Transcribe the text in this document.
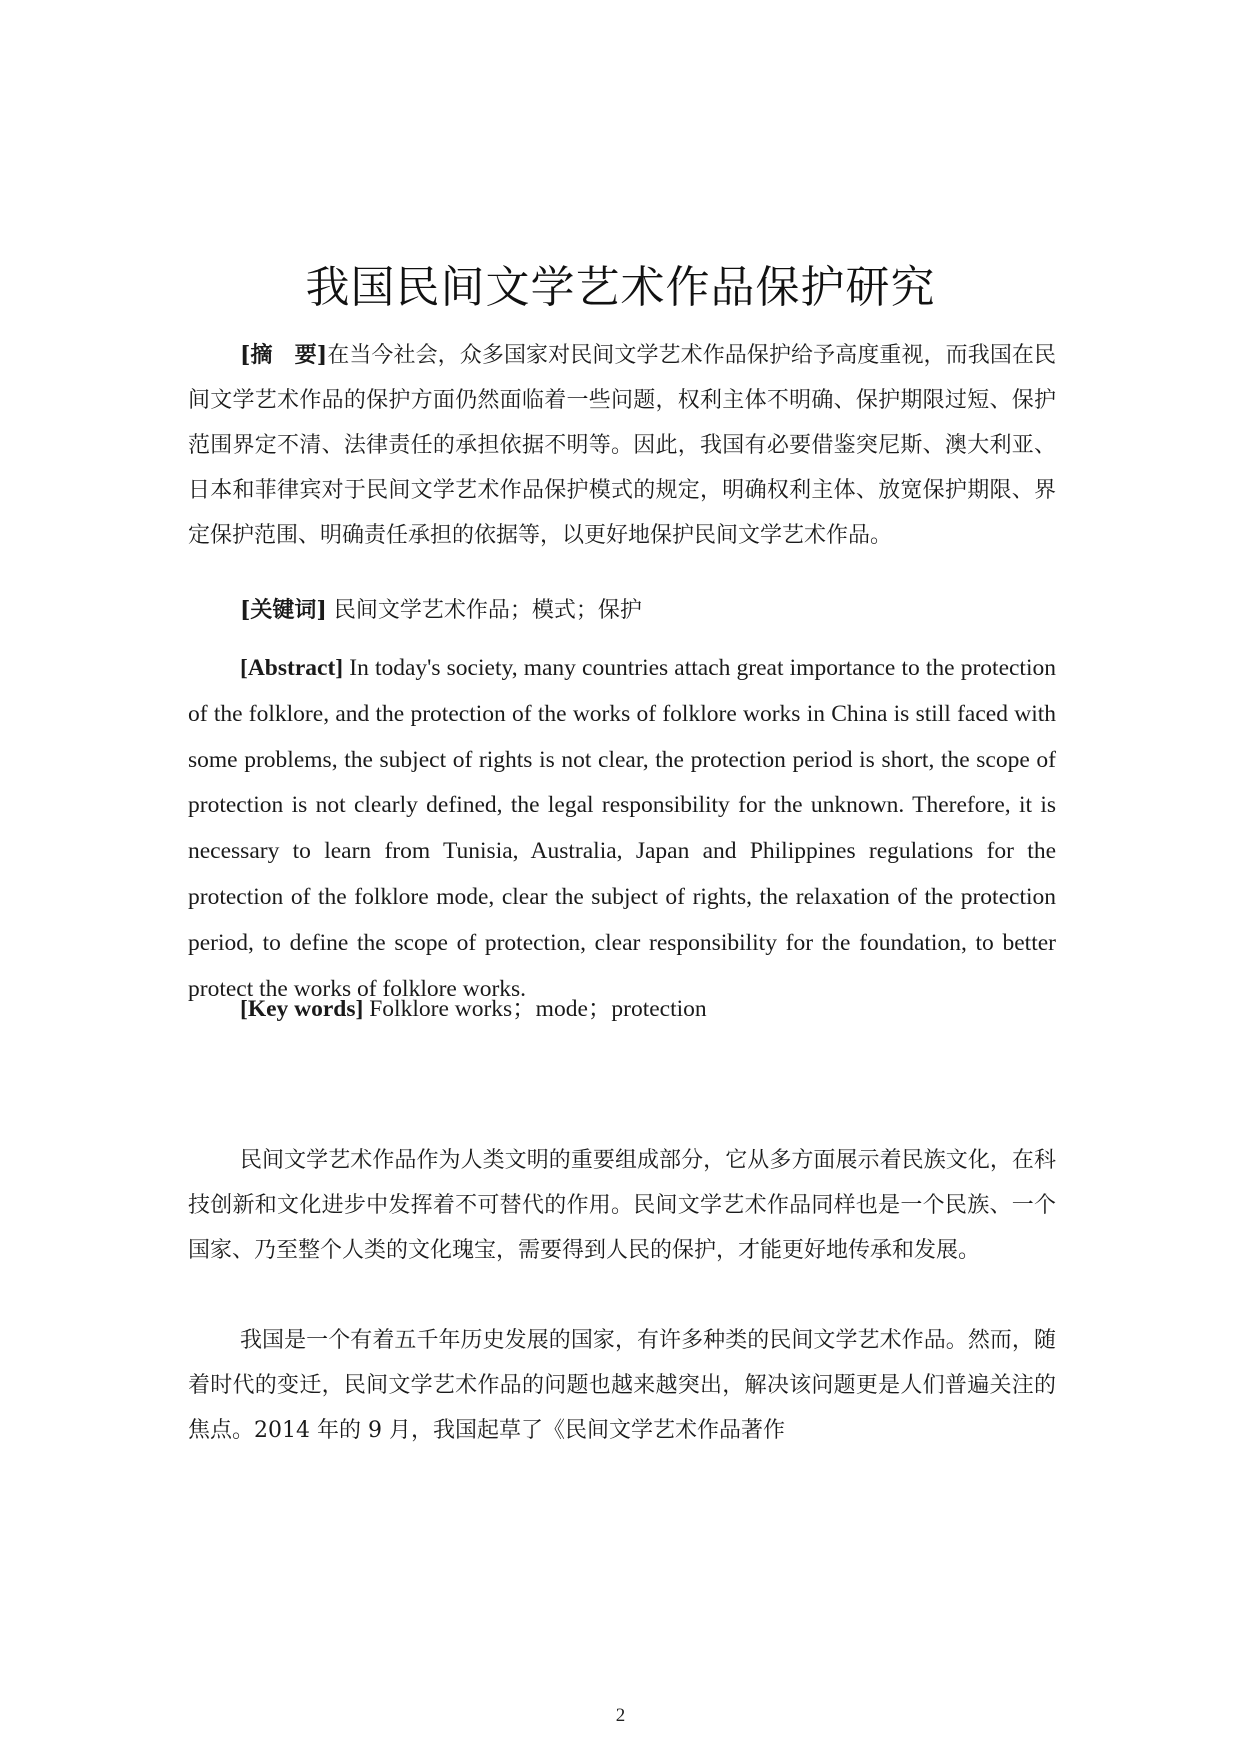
我国民间文学艺术作品保护研究

[摘　要]在当今社会，众多国家对民间文学艺术作品保护给予高度重视，而我国在民间文学艺术作品的保护方面仍然面临着一些问题，权利主体不明确、保护期限过短、保护范围界定不清、法律责任的承担依据不明等。因此，我国有必要借鉴突尼斯、澳大利亚、日本和菲律宾对于民间文学艺术作品保护模式的规定，明确权利主体、放宽保护期限、界定保护范围、明确责任承担的依据等，以更好地保护民间文学艺术作品。

[关键词] 民间文学艺术作品；模式；保护

[Abstract] In today's society, many countries attach great importance to the protection of the folklore, and the protection of the works of folklore works in China is still faced with some problems, the subject of rights is not clear, the protection period is short, the scope of protection is not clearly defined, the legal responsibility for the unknown. Therefore, it is necessary to learn from Tunisia, Australia, Japan and Philippines regulations for the protection of the folklore mode, clear the subject of rights, the relaxation of the protection period, to define the scope of protection, clear responsibility for the foundation, to better protect the works of folklore works.

[Key words] Folklore works；mode；protection

民间文学艺术作品作为人类文明的重要组成部分，它从多方面展示着民族文化，在科技创新和文化进步中发挥着不可替代的作用。民间文学艺术作品同样也是一个民族、一个国家、乃至整个人类的文化瑰宝，需要得到人民的保护，才能更好地传承和发展。

我国是一个有着五千年历史发展的国家，有许多种类的民间文学艺术作品。然而，随着时代的变迁，民间文学艺术作品的问题也越来越突出，解决该问题更是人们普遍关注的焦点。2014 年的 9 月，我国起草了《民间文学艺术作品著作

2
